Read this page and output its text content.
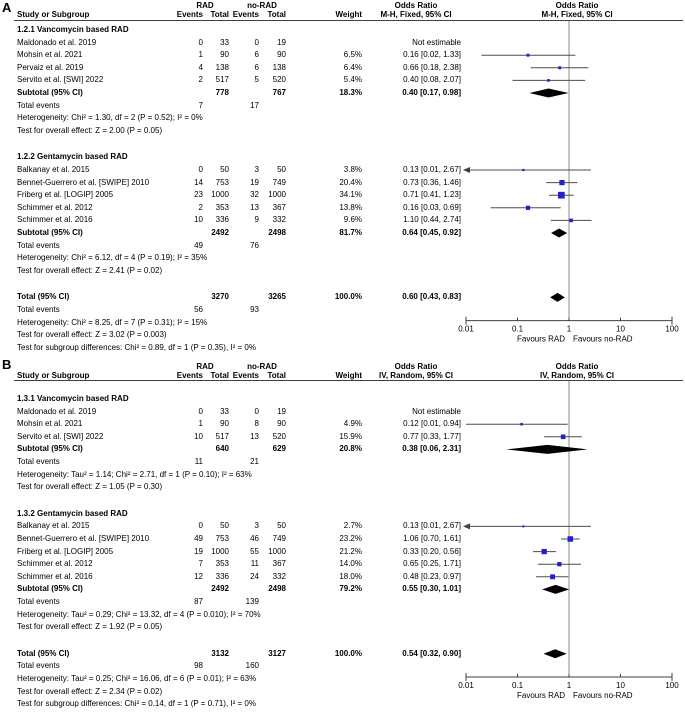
A
B
RAD	no-RAD	Odds Ratio	Odds Ratio
Study or Subgroup	Events Total Events	Total	Weight	M-H, Fixed, 95% CI	M-H, Fixed, 95% CI
1.2.1 Vancomycin based RAD
Maldonado et al. 2019	0	33	0	19	Not estimable
Mohsin et al. 2021	1	90	6	90	6.5%	0.16 [0.02, 1.33]
Pervaiz et al. 2019	4	138	6	138	6.4%	0.66 [0.18, 2.38]
Servito et al. [SWI] 2022	2	517	5	520	5.4%	0.40 [0.08, 2.07]
Subtotal (95% CI)	778	767	18.3%	0.40 [0.17, 0.98]
Total events	7	17
Heterogeneity: Chi² = 1.30, df = 2 (P = 0.52); I² = 0%
Test for overall effect: Z = 2.00 (P = 0.05)
1.2.2 Gentamycin based RAD
Balkanay et al. 2015	0	50	3	50	3.8%	0.13 [0.01, 2.67]
Bennet-Guerrero et al. [SWIPE] 2010	14	753	19	749	20.4%	0.73 [0.36, 1.46]
Friberg et al. [LOGIP] 2005	23	1000	32	1000	34.1%	0.71 [0.41, 1.23]
Schimmer et al. 2012	2	353	13	367	13.8%	0.16 [0.03, 0.69]
Schimmer et al. 2016	10	336	9	332	9.6%	1.10 [0.44, 2.74]
Subtotal (95% CI)	2492	2498	81.7%	0.64 [0.45, 0.92]
Total events	49	76
Heterogeneity: Chi² = 6.12, df = 4 (P = 0.19); I² = 35%
Test for overall effect: Z = 2.41 (P = 0.02)
Total (95% CI)	3270	3265	100.0%	0.60 [0.43, 0.83]
Total events	56	93
Heterogeneity: Chi² = 8.25, df = 7 (P = 0.31); I² = 15%
Test for overall effect: Z = 3.02 (P = 0.003)
Test for subgroup differences: Chi² = 0.89, df = 1 (P = 0.35), I² = 0%
RAD	no-RAD	Odds Ratio	Odds Ratio
Study or Subgroup	Events Total Events	Total	Weight	IV, Random, 95% CI	IV, Random, 95% CI
1.3.1 Vancomycin based RAD
Maldonado et al. 2019	0	33	0	19	Not estimable
Mohsin et al. 2021	1	90	8	90	4.9%	0.12 [0.01, 0.94]
Servito et al. [SWI] 2022	10	517	13	520	15.9%	0.77 [0.33, 1.77]
Subtotal (95% CI)	640	629	20.8%	0.38 [0.06, 2.31]
Total events	11	21
Heterogeneity: Tau² = 1.14; Chi² = 2.71, df = 1 (P = 0.10); I² = 63%
Test for overall effect: Z = 1.05 (P = 0.30)
1.3.2 Gentamycin based RAD
Balkanay et al. 2015	0	50	3	50	2.7%	0.13 [0.01, 2.67]
Bennet-Guerrero et al. [SWIPE] 2010	49	753	46	749	23.2%	1.06 [0.70, 1.61]
Friberg et al. [LOGIP] 2005	19	1000	55	1000	21.2%	0.33 [0.20, 0.56]
Schimmer et al. 2012	7	353	11	367	14.0%	0.65 [0.25, 1.71]
Schimmer et al. 2016	12	336	24	332	18.0%	0.48 [0.23, 0.97]
Subtotal (95% CI)	2492	2498	79.2%	0.55 [0.30, 1.01]
Total events	87	139
Heterogeneity: Tau² = 0.29; Chi² = 13.32, df = 4 (P = 0.010); I² = 70%
Test for overall effect: Z = 1.92 (P = 0.05)
Total (95% CI)	3132	3127	100.0%	0.54 [0.32, 0.90]
Total events	98	160
Heterogeneity: Tau² = 0.25; Chi² = 16.06, df = 6 (P = 0.01); I² = 63%
Test for overall effect: Z = 2.34 (P = 0.02)
Test for subgroup differences: Chi² = 0.14, df = 1 (P = 0.71), I² = 0%
0.01	0.1	1	10	100
Favours RAD Favours no-RAD
0.01	0.1	1	10	100
Favours RAD Favours no-RAD
